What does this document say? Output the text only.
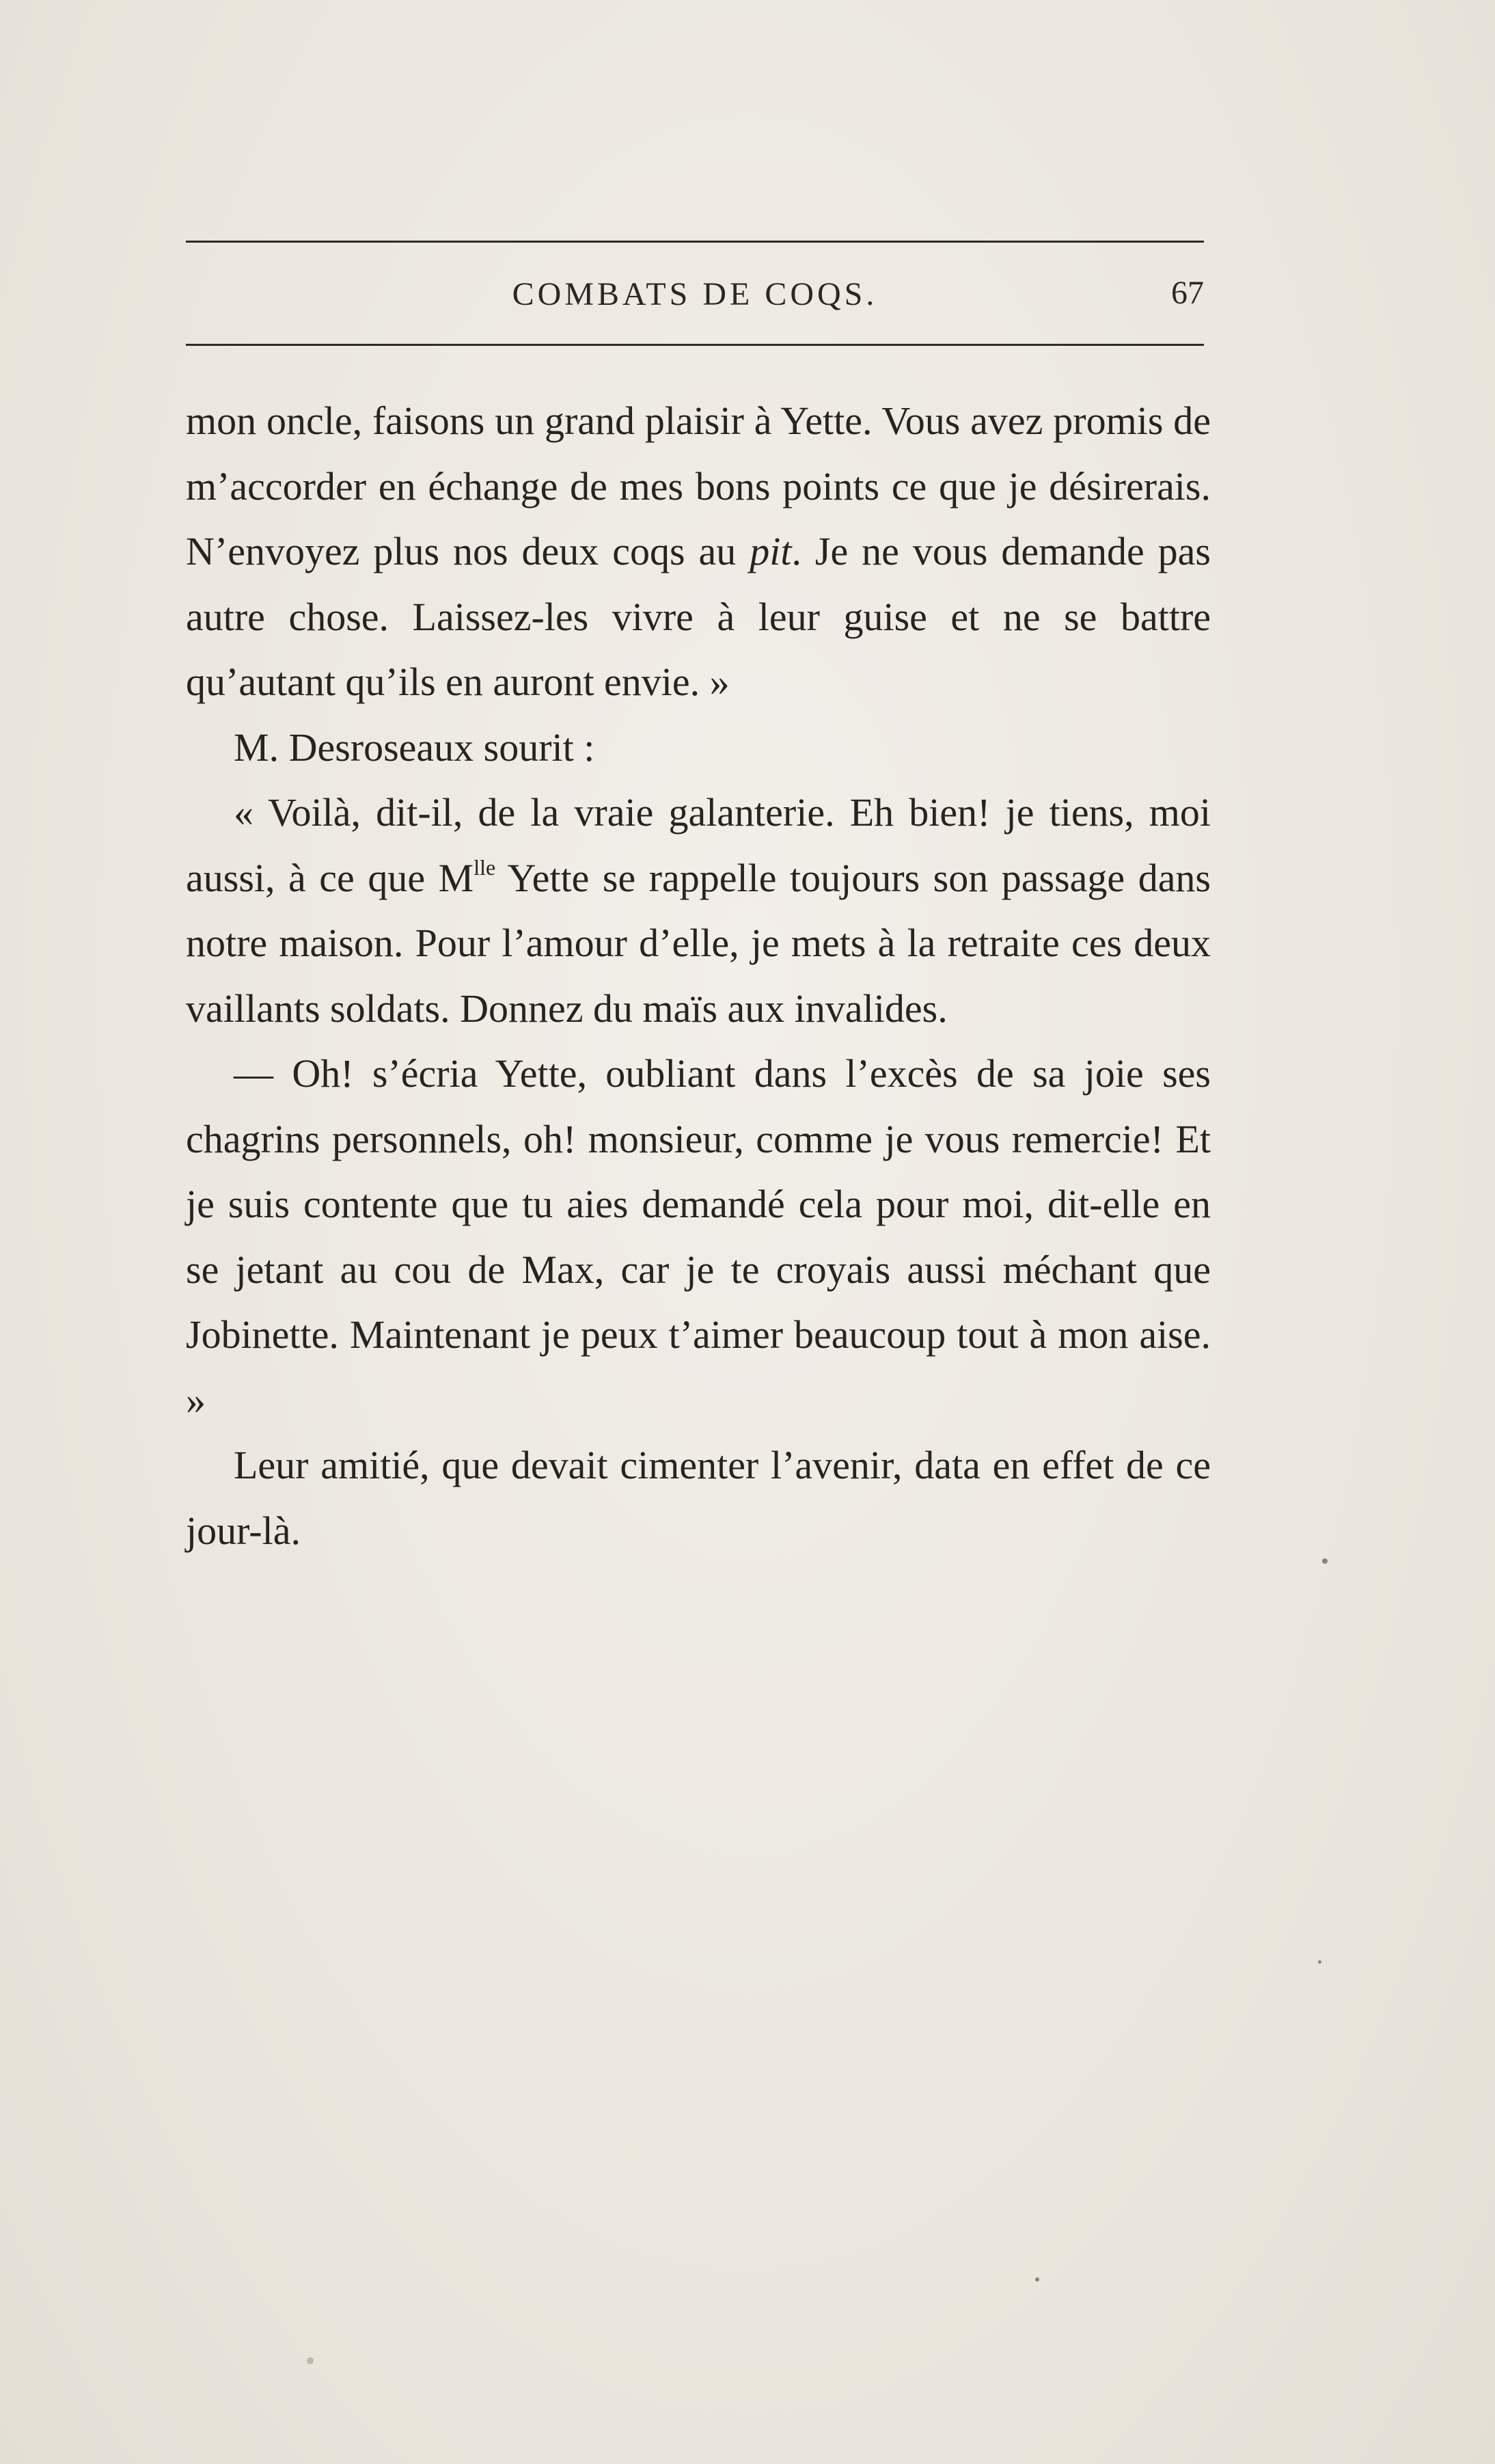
COMBATS DE COQS.	67

mon oncle, faisons un grand plaisir à Yette. Vous avez promis de m’accorder en échange de mes bons points ce que je désirerais. N’envoyez plus nos deux coqs au pit. Je ne vous demande pas autre chose. Laissez-les vivre à leur guise et ne se battre qu’autant qu’ils en auront envie. »

M. Desroseaux sourit :

« Voilà, dit-il, de la vraie galanterie. Eh bien! je tiens, moi aussi, à ce que $M^{lle}$ Yette se rappelle toujours son passage dans notre maison. Pour l’amour d’elle, je mets à la retraite ces deux vaillants soldats. Donnez du maïs aux invalides.

— Oh! s’écria Yette, oubliant dans l’excès de sa joie ses chagrins personnels, oh! monsieur, comme je vous remercie! Et je suis contente que tu aies demandé cela pour moi, dit-elle en se jetant au cou de Max, car je te croyais aussi méchant que Jobinette. Maintenant je peux t’aimer beaucoup tout à mon aise. »

Leur amitié, que devait cimenter l’avenir, data en effet de ce jour-là.
